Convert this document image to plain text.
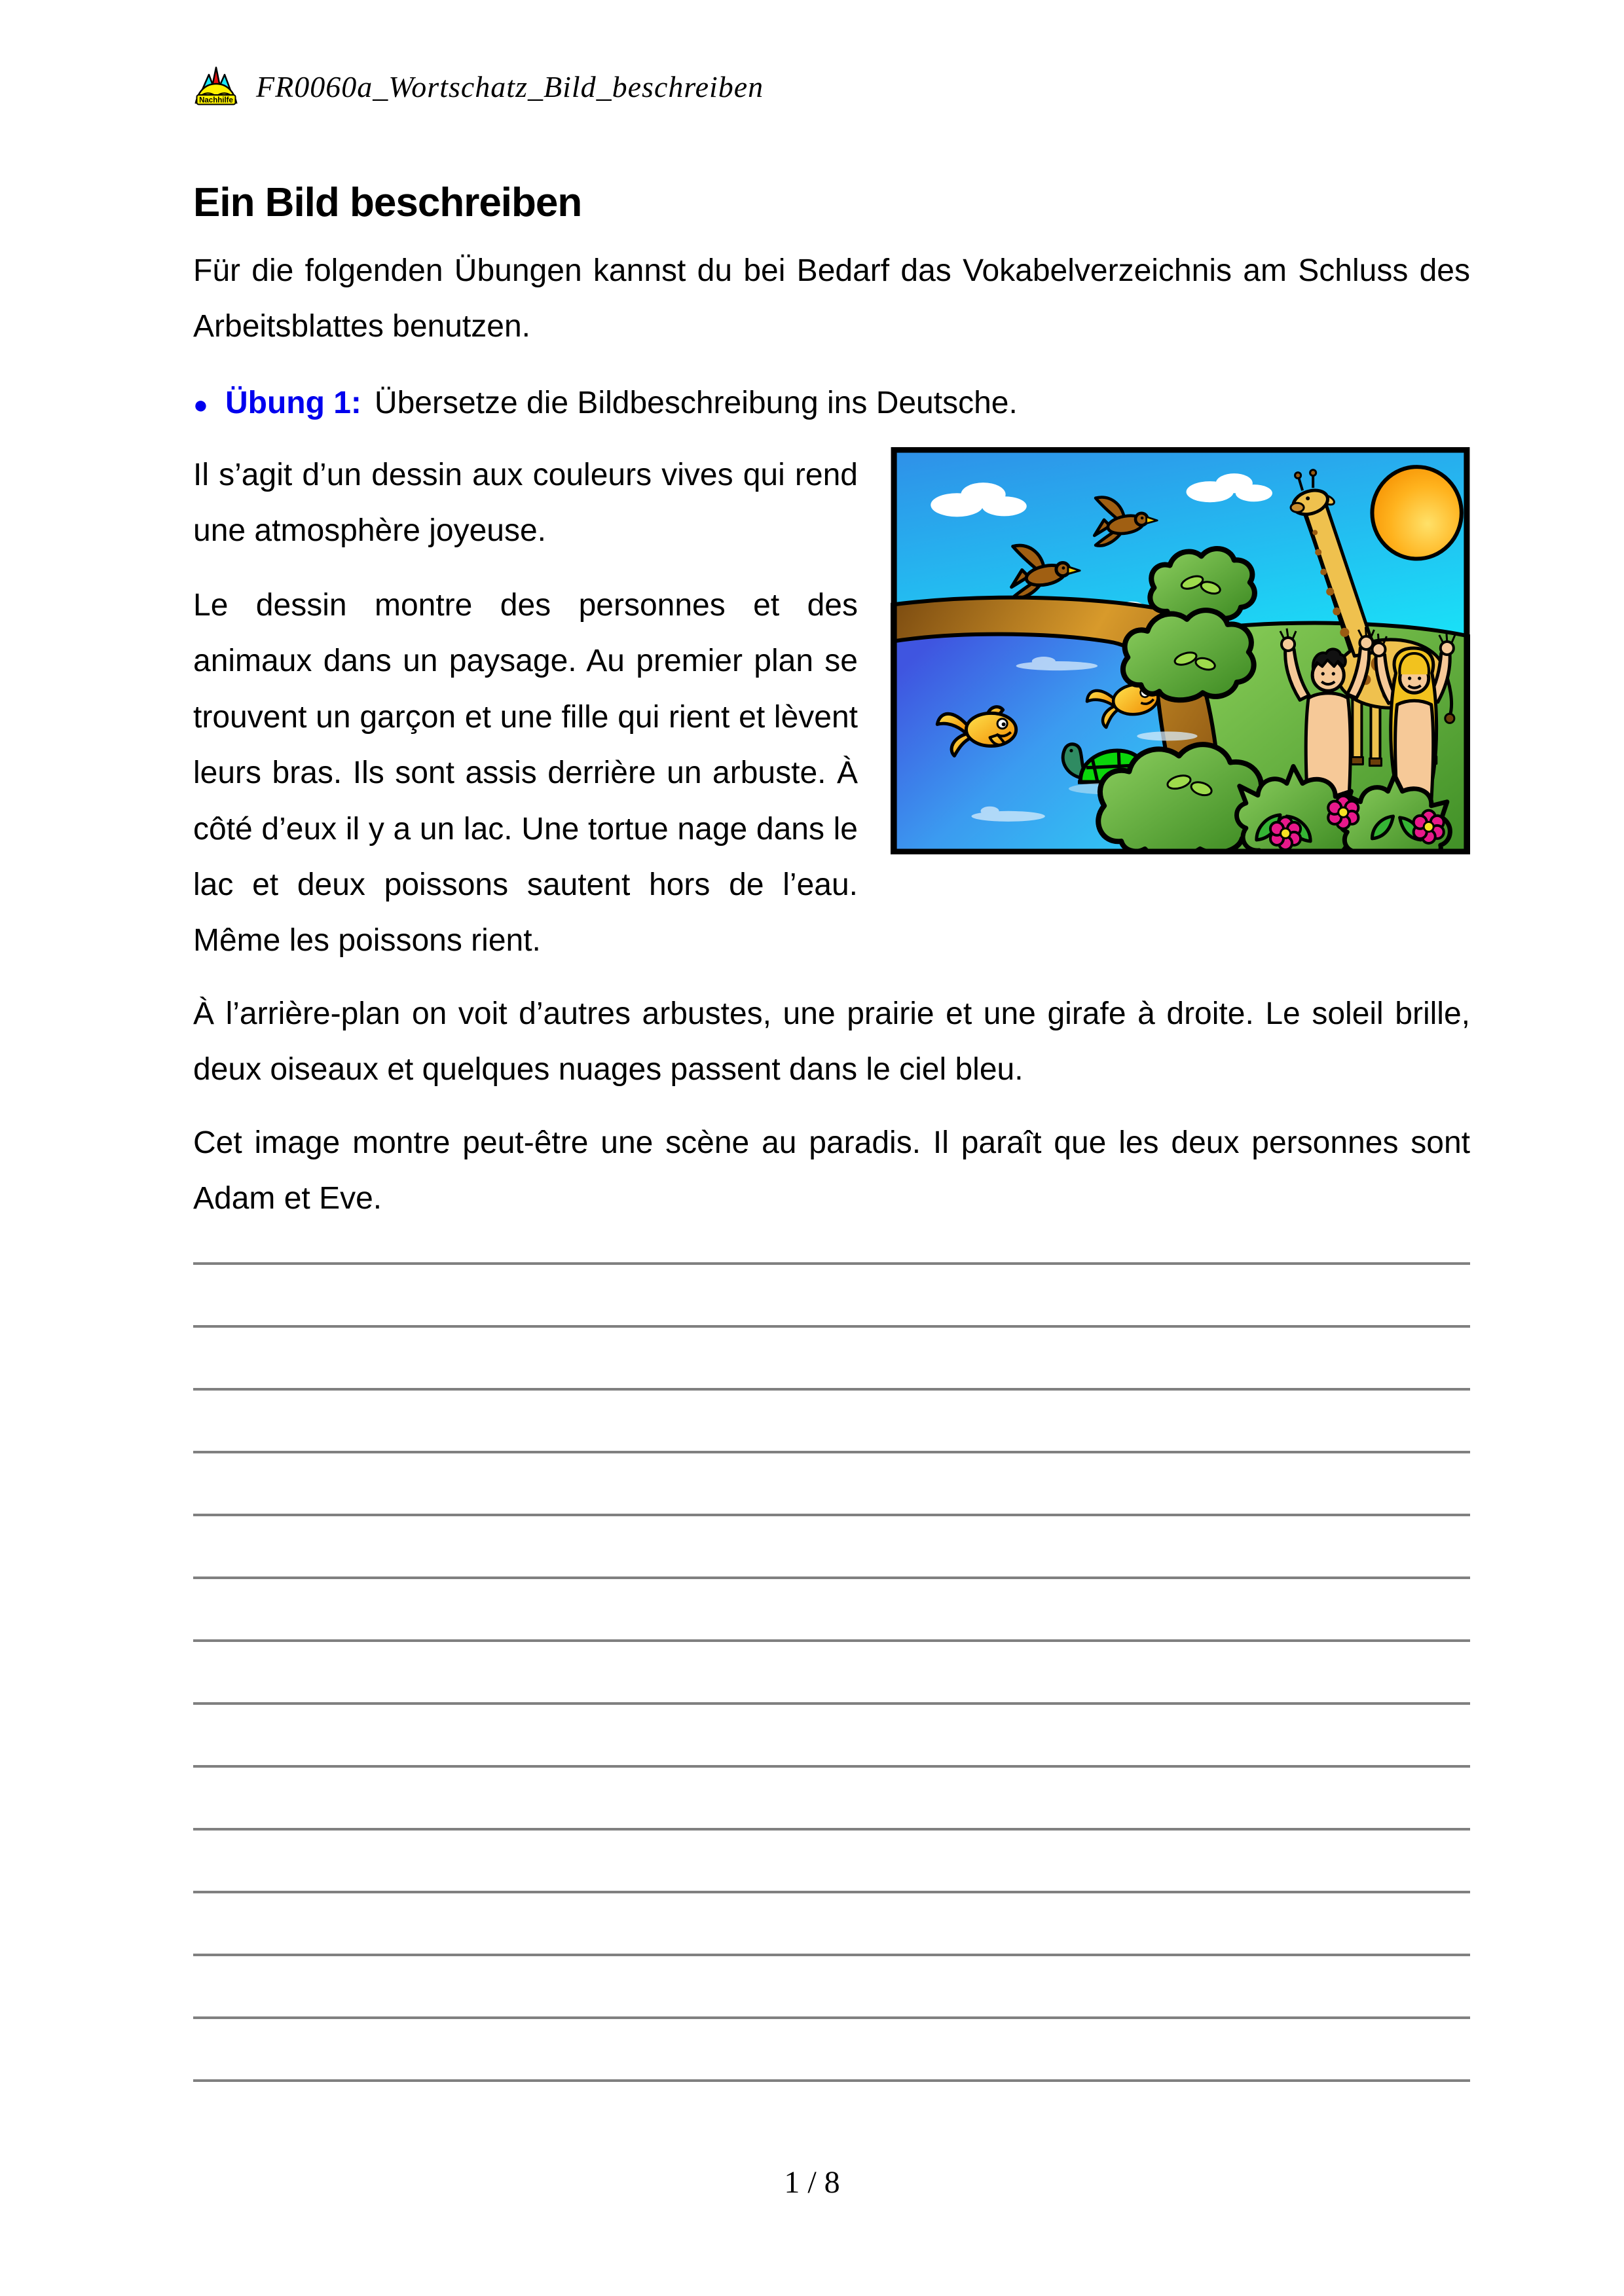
Nachhilfe FR0060a_Wortschatz_Bild_beschreiben
Ein Bild beschreiben
Für die folgenden Übungen kannst du bei Bedarf das Vokabelverzeichnis am Schluss des Arbeitsblattes benutzen.
● Übung 1: Übersetze die Bildbeschreibung ins Deutsche.
Il s’agit d’un dessin aux couleurs vives qui rend une atmosphère joyeuse.
Le dessin montre des personnes et des animaux dans un paysage. Au premier plan se trouvent un garçon et une fille qui rient et lèvent leurs bras. Ils sont assis derrière un arbuste. À côté d’eux il y a un lac. Une tortue nage dans le lac et deux poissons sautent hors de l’eau. Même les poissons rient.
À l’arrière-plan on voit d’autres arbustes, une prairie et une girafe à droite. Le soleil brille, deux oiseaux et quelques nuages passent dans le ciel bleu.
Cet image montre peut-être une scène au paradis. Il paraît que les deux personnes sont Adam et Eve.
1 / 8
